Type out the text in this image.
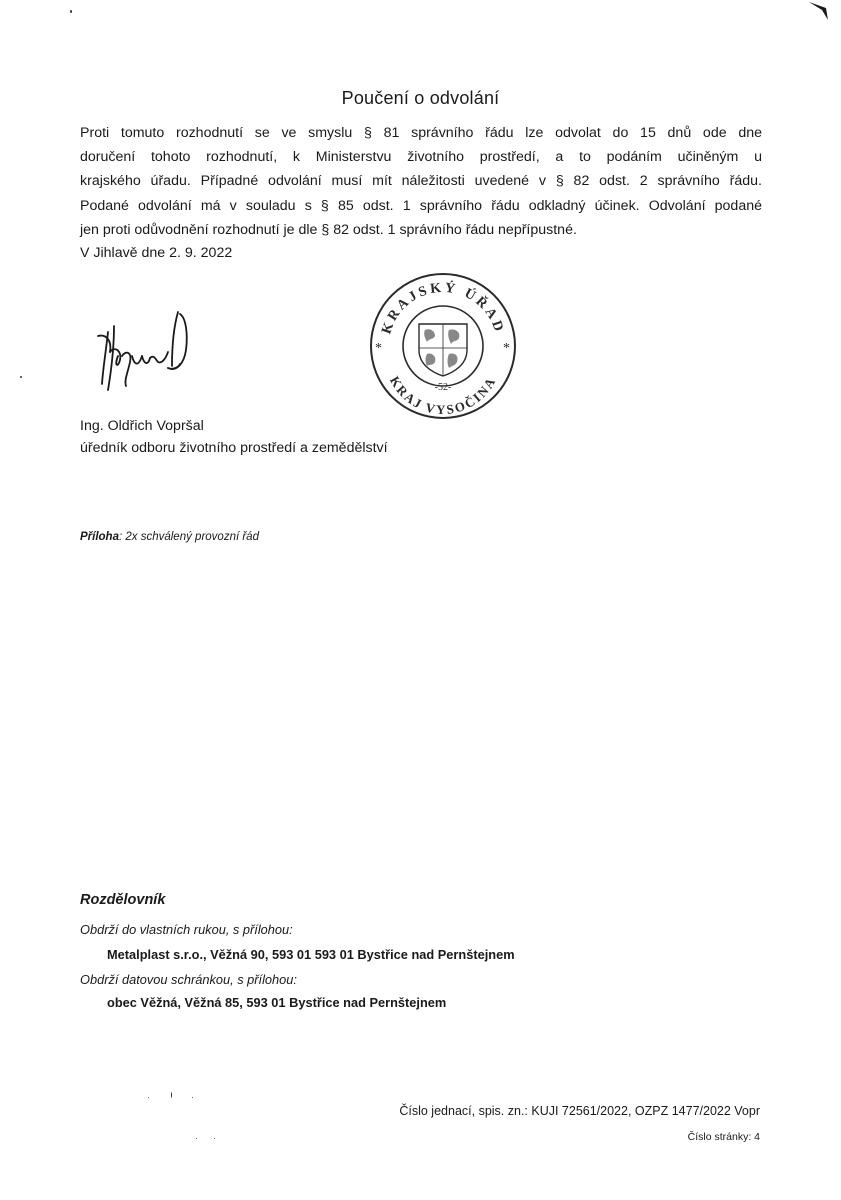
Poučení o odvolání
Proti tomuto rozhodnutí se ve smyslu § 81 správního řádu lze odvolat do 15 dnů ode dne
doručení tohoto rozhodnutí, k Ministerstvu životního prostředí, a to podáním učiněným u
krajského úřadu. Případné odvolání musí mít náležitosti uvedené v § 82 odst. 2 správního řádu.
Podané odvolání má v souladu s § 85 odst. 1 správního řádu odkladný účinek. Odvolání podané
jen proti odůvodnění rozhodnutí je dle § 82 odst. 1 správního řádu nepřípustné.
V Jihlavě dne 2. 9. 2022
KRAJSKÝ ÚŘAD
KRAJ VYSOČINA
*	*
-52-
Ing. Oldřich Vopršal
úředník odboru životního prostředí a zemědělství
Příloha: 2x schválený provozní řád
Rozdělovník
Obdrží do vlastních rukou, s přílohou:
Metalplast s.r.o., Věžná 90, 593 01 593 01 Bystřice nad Pernštejnem
Obdrží datovou schránkou, s přílohou:
obec Věžná, Věžná 85, 593 01 Bystřice nad Pernštejnem
Číslo jednací, spis. zn.: KUJI 72561/2022, OZPZ 1477/2022 Vopr
Číslo stránky: 4
